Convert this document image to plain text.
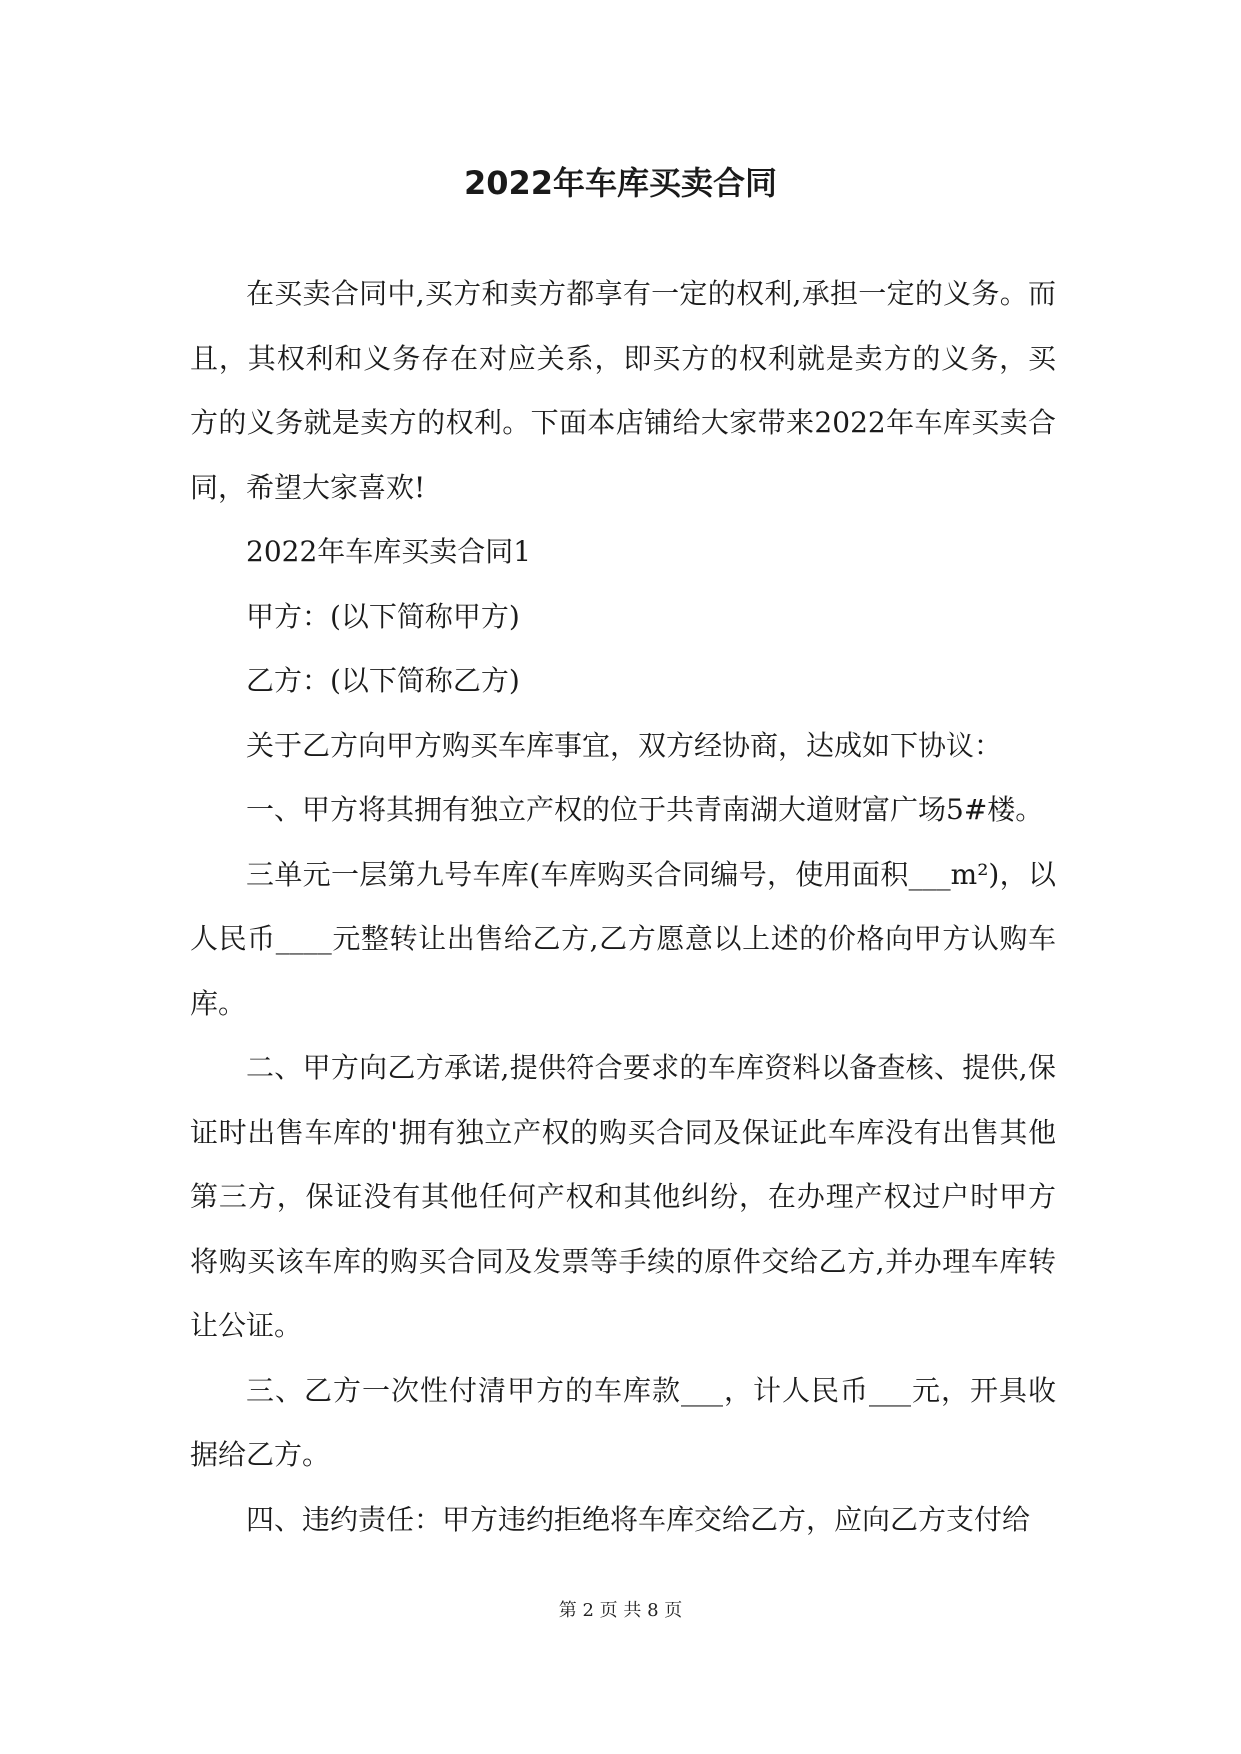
2022年车库买卖合同

在买卖合同中,买方和卖方都享有一定的权利,承担一定的义务。而且，其权利和义务存在对应关系，即买方的权利就是卖方的义务，买方的义务就是卖方的权利。下面本店铺给大家带来2022年车库买卖合同，希望大家喜欢!

2022年车库买卖合同1

甲方：(以下简称甲方)

乙方：(以下简称乙方)

关于乙方向甲方购买车库事宜，双方经协商，达成如下协议：

一、甲方将其拥有独立产权的位于共青南湖大道财富广场5#楼。

三单元一层第九号车库(车库购买合同编号，使用面积___m²)，以人民币____元整转让出售给乙方,乙方愿意以上述的价格向甲方认购车库。

二、甲方向乙方承诺,提供符合要求的车库资料以备查核、提供,保证时出售车库的'拥有独立产权的购买合同及保证此车库没有出售其他第三方，保证没有其他任何产权和其他纠纷，在办理产权过户时甲方将购买该车库的购买合同及发票等手续的原件交给乙方,并办理车库转让公证。

三、乙方一次性付清甲方的车库款___，计人民币___元，开具收据给乙方。

四、违约责任：甲方违约拒绝将车库交给乙方，应向乙方支付给

第 2 页 共 8 页
